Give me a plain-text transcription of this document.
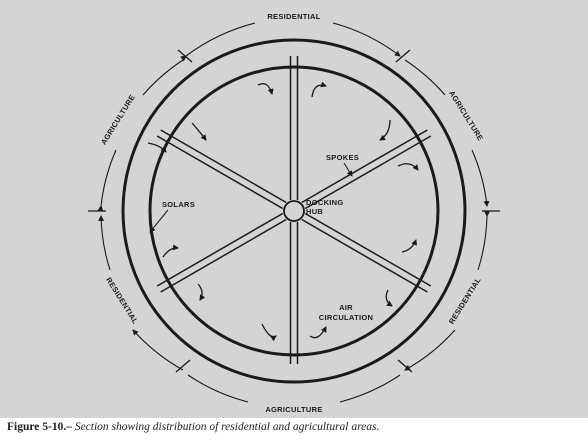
RESIDENTIAL
AGRICULTURE
AGRICULTURE	AGRICULTURE
RESIDENTIAL	RESIDENTIAL
SPOKES
DOCKING
HUB
SOLARS
AIR
CIRCULATION
Figure 5-10.– Section showing distribution of residential and agricultural areas.
